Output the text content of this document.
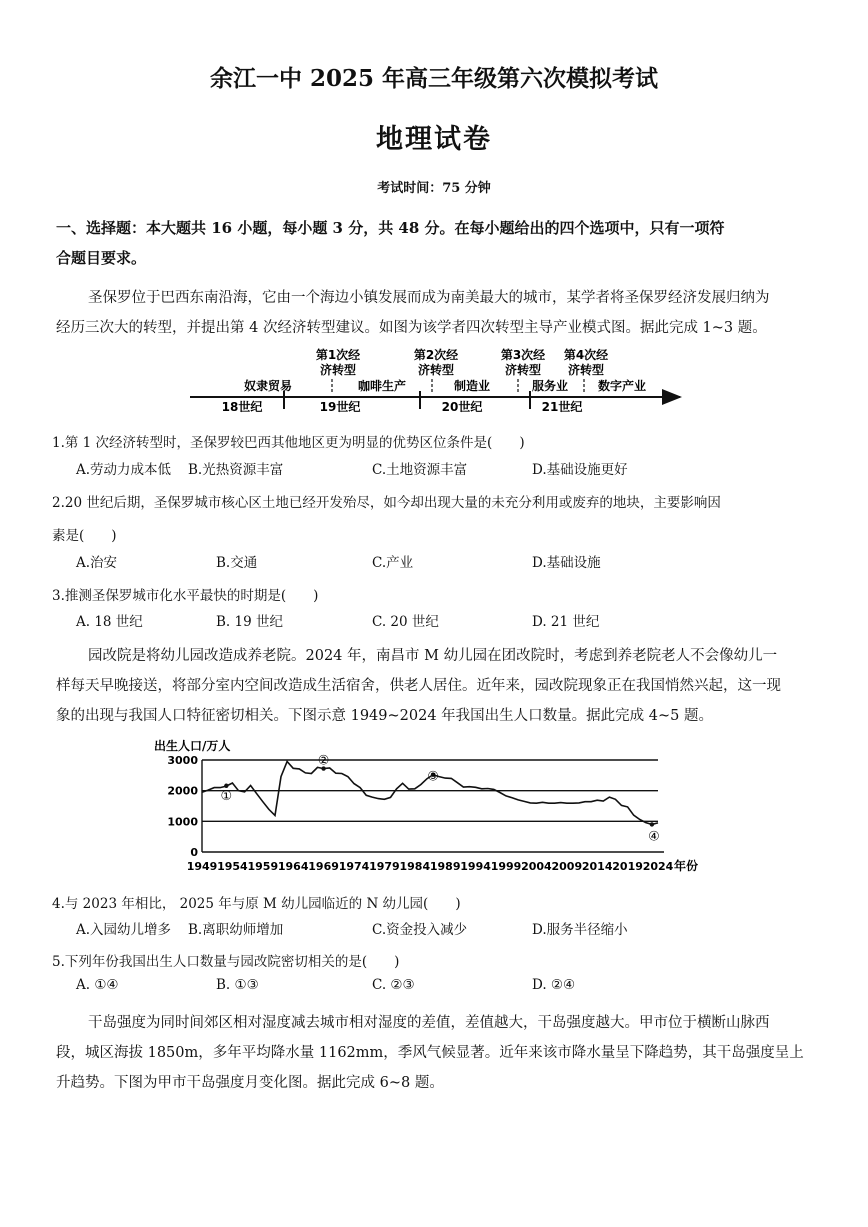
余江一中 2025 年高三年级第六次模拟考试
地理试卷
考试时间：75 分钟
一、选择题：本大题共 16 小题，每小题 3 分，共 48 分。在每小题给出的四个选项中，只有一项符
合题目要求。
圣保罗位于巴西东南沿海，它由一个海边小镇发展而成为南美最大的城市，某学者将圣保罗经济发展归纳为
经历三次大的转型，并提出第 4 次经济转型建议。如图为该学者四次转型主导产业模式图。据此完成 1~3 题。
第1次经
济转型
第2次经
济转型
第3次经
济转型
第4次经
济转型
奴隶贸易	咖啡生产	制造业	服务业 数字产业
18世纪	19世纪	20世纪	21世纪
1.第 1 次经济转型时，圣保罗较巴西其他地区更为明显的优势区位条件是(　　)
A.劳动力成本低 B.光热资源丰富	C.土地资源丰富	D.基础设施更好
2.20 世纪后期，圣保罗城市核心区土地已经开发殆尽，如今却出现大量的未充分利用或废弃的地块，主要影响因
素是(　　)
A.治安	B.交通	C.产业	D.基础设施
3.推测圣保罗城市化水平最快的时期是(　　)
A. 18 世纪	B. 19 世纪	C. 20 世纪	D. 21 世纪
园改院是将幼儿园改造成养老院。2024 年，南昌市 M 幼儿园在团改院时，考虑到养老院老人不会像幼儿一
样每天早晚接送，将部分室内空间改造成生活宿舍，供老人居住。近年来，园改院现象正在我国悄然兴起，这一现
象的出现与我国人口特征密切相关。下图示意 1949~2024 年我国出生人口数量。据此完成 4~5 题。
出生人口/万人
0
1000
2000
3000
1949 1954 1959 1964 1969 1974 1979 1984 1989 1994 1999 2004 2009 2014 2019 2024
①
②
③
④
年份
4.与 2023 年相比， 2025 年与原 M 幼儿园临近的 N 幼儿园(　　)
A.入园幼儿增多 B.离职幼师增加	C.资金投入减少	D.服务半径缩小
5.下列年份我国出生人口数量与园改院密切相关的是(　　)
A. ①④	B. ①③	C. ②③	D. ②④
干岛强度为同时间郊区相对湿度减去城市相对湿度的差值，差值越大，干岛强度越大。甲市位于横断山脉西
段，城区海拔 1850m，多年平均降水量 1162mm，季风气候显著。近年来该市降水量呈下降趋势，其干岛强度呈上
升趋势。下图为甲市干岛强度月变化图。据此完成 6~8 题。
